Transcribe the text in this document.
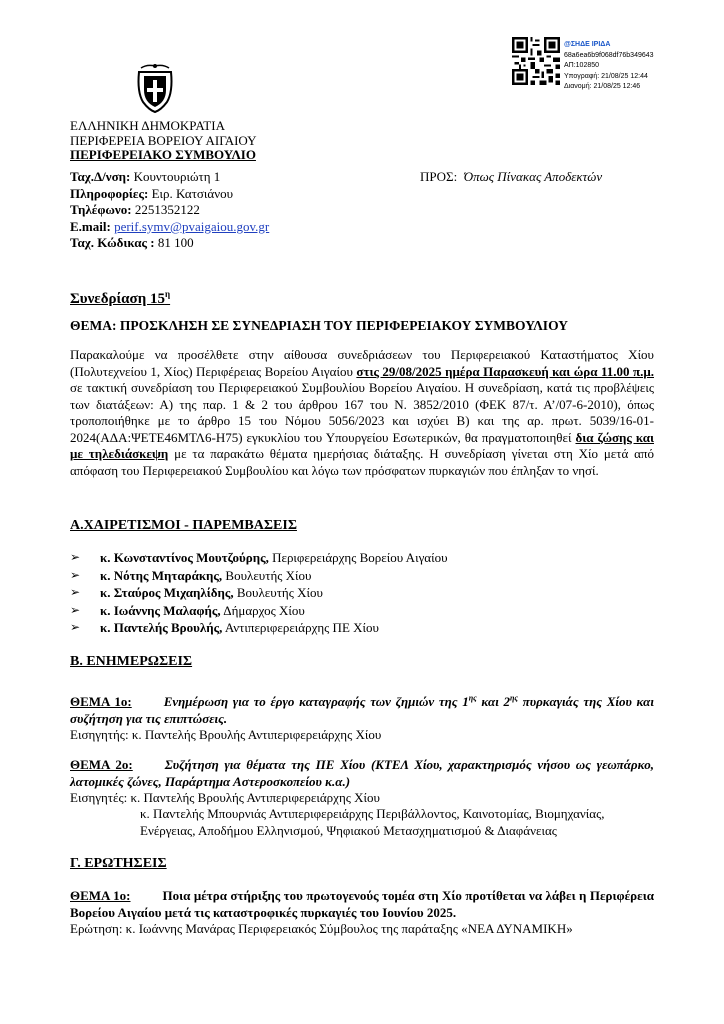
@ΣΗΔΕ ΙΡΙΔΑ
68a6ea6b9f068df76b349643
ΑΠ:102850
Υπογραφή: 21/08/25 12:44
Διανομή: 21/08/25 12:46
ΕΛΛΗΝΙΚΗ ΔΗΜΟΚΡΑΤΙΑ
ΠΕΡΙΦΕΡΕΙΑ ΒΟΡΕΙΟΥ ΑΙΓΑΙΟΥ
ΠΕΡΙΦΕΡΕΙΑΚΟ ΣΥΜΒΟΥΛΙΟ
Ταχ.Δ/νση: Κουντουριώτη 1
Πληροφορίες: Ειρ. Κατσιάνου
Τηλέφωνο: 2251352122
E.mail: perif.symv@pvaigaiou.gov.gr
Ταχ. Κώδικας : 81 100
ΠΡΟΣ: Όπως Πίνακας Αποδεκτών
Συνεδρίαση $15^\eta$
ΘΕΜΑ: ΠΡΟΣΚΛΗΣΗ ΣΕ ΣΥΝΕΔΡΙΑΣΗ ΤΟΥ ΠΕΡΙΦΕΡΕΙΑΚΟΥ ΣΥΜΒΟΥΛΙΟΥ
Παρακαλούμε να προσέλθετε στην αίθουσα συνεδριάσεων του Περιφερειακού Καταστήματος Χίου (Πολυτεχνείου 1, Χίος) Περιφέρειας Βορείου Αιγαίου στις 29/08/2025 ημέρα Παρασκευή και ώρα 11.00 π.μ. σε τακτική συνεδρίαση του Περιφερειακού Συμβουλίου Βορείου Αιγαίου. Η συνεδρίαση, κατά τις προβλέψεις των διατάξεων: Α) της παρ. 1 & 2 του άρθρου 167 του Ν. 3852/2010 (ΦΕΚ 87/τ. Α’/07-6-2010), όπως τροποποιήθηκε με το άρθρο 15 του Νόμου 5056/2023 και ισχύει Β) και της αρ. πρωτ. 5039/16-01-2024(ΑΔΑ:ΨΕΤΕ46ΜΤΛ6-Η75) εγκυκλίου του Υπουργείου Εσωτερικών, θα πραγματοποιηθεί δια ζώσης και με τηλεδιάσκεψη με τα παρακάτω θέματα ημερήσιας διάταξης. Η συνεδρίαση γίνεται στη Χίο μετά από απόφαση του Περιφερειακού Συμβουλίου και λόγω των πρόσφατων πυρκαγιών που έπληξαν το νησί.
Α.ΧΑΙΡΕΤΙΣΜΟΙ - ΠΑΡΕΜΒΑΣΕΙΣ
➢ κ. Κωνσταντίνος Μουτζούρης, Περιφερειάρχης Βορείου Αιγαίου
➢ κ. Νότης Μηταράκης, Βουλευτής Χίου
➢ κ. Σταύρος Μιχαηλίδης, Βουλευτής Χίου
➢ κ. Ιωάννης Μαλαφής, Δήμαρχος Χίου
➢ κ. Παντελής Βρουλής, Αντιπεριφερειάρχης ΠΕ Χίου
Β. ΕΝΗΜΕΡΩΣΕΙΣ
ΘΕΜΑ 1ο: Ενημέρωση για το έργο καταγραφής των ζημιών της $1^{\eta\varsigma}$ και $2^{\eta\varsigma}$ πυρκαγιάς της Χίου και συζήτηση για τις επιπτώσεις.
Εισηγητής: κ. Παντελής Βρουλής Αντιπεριφερειάρχης Χίου
ΘΕΜΑ 2ο: Συζήτηση για θέματα της ΠΕ Χίου (ΚΤΕΛ Χίου, χαρακτηρισμός νήσου ως γεωπάρκο, λατομικές ζώνες, Παράρτημα Αστεροσκοπείου κ.α.)
Εισηγητές: κ. Παντελής Βρουλής Αντιπεριφερειάρχης Χίου
κ. Παντελής Μπουρνιάς Αντιπεριφερειάρχης Περιβάλλοντος, Καινοτομίας, Βιομηχανίας, Ενέργειας, Αποδήμου Ελληνισμού, Ψηφιακού Μετασχηματισμού & Διαφάνειας
Γ. ΕΡΩΤΗΣΕΙΣ
ΘΕΜΑ 1ο: Ποια μέτρα στήριξης του πρωτογενούς τομέα στη Χίο προτίθεται να λάβει η Περιφέρεια Βορείου Αιγαίου μετά τις καταστροφικές πυρκαγιές του Ιουνίου 2025.
Ερώτηση: κ. Ιωάννης Μανάρας Περιφερειακός Σύμβουλος της παράταξης «ΝΕΑ ΔΥΝΑΜΙΚΗ»
